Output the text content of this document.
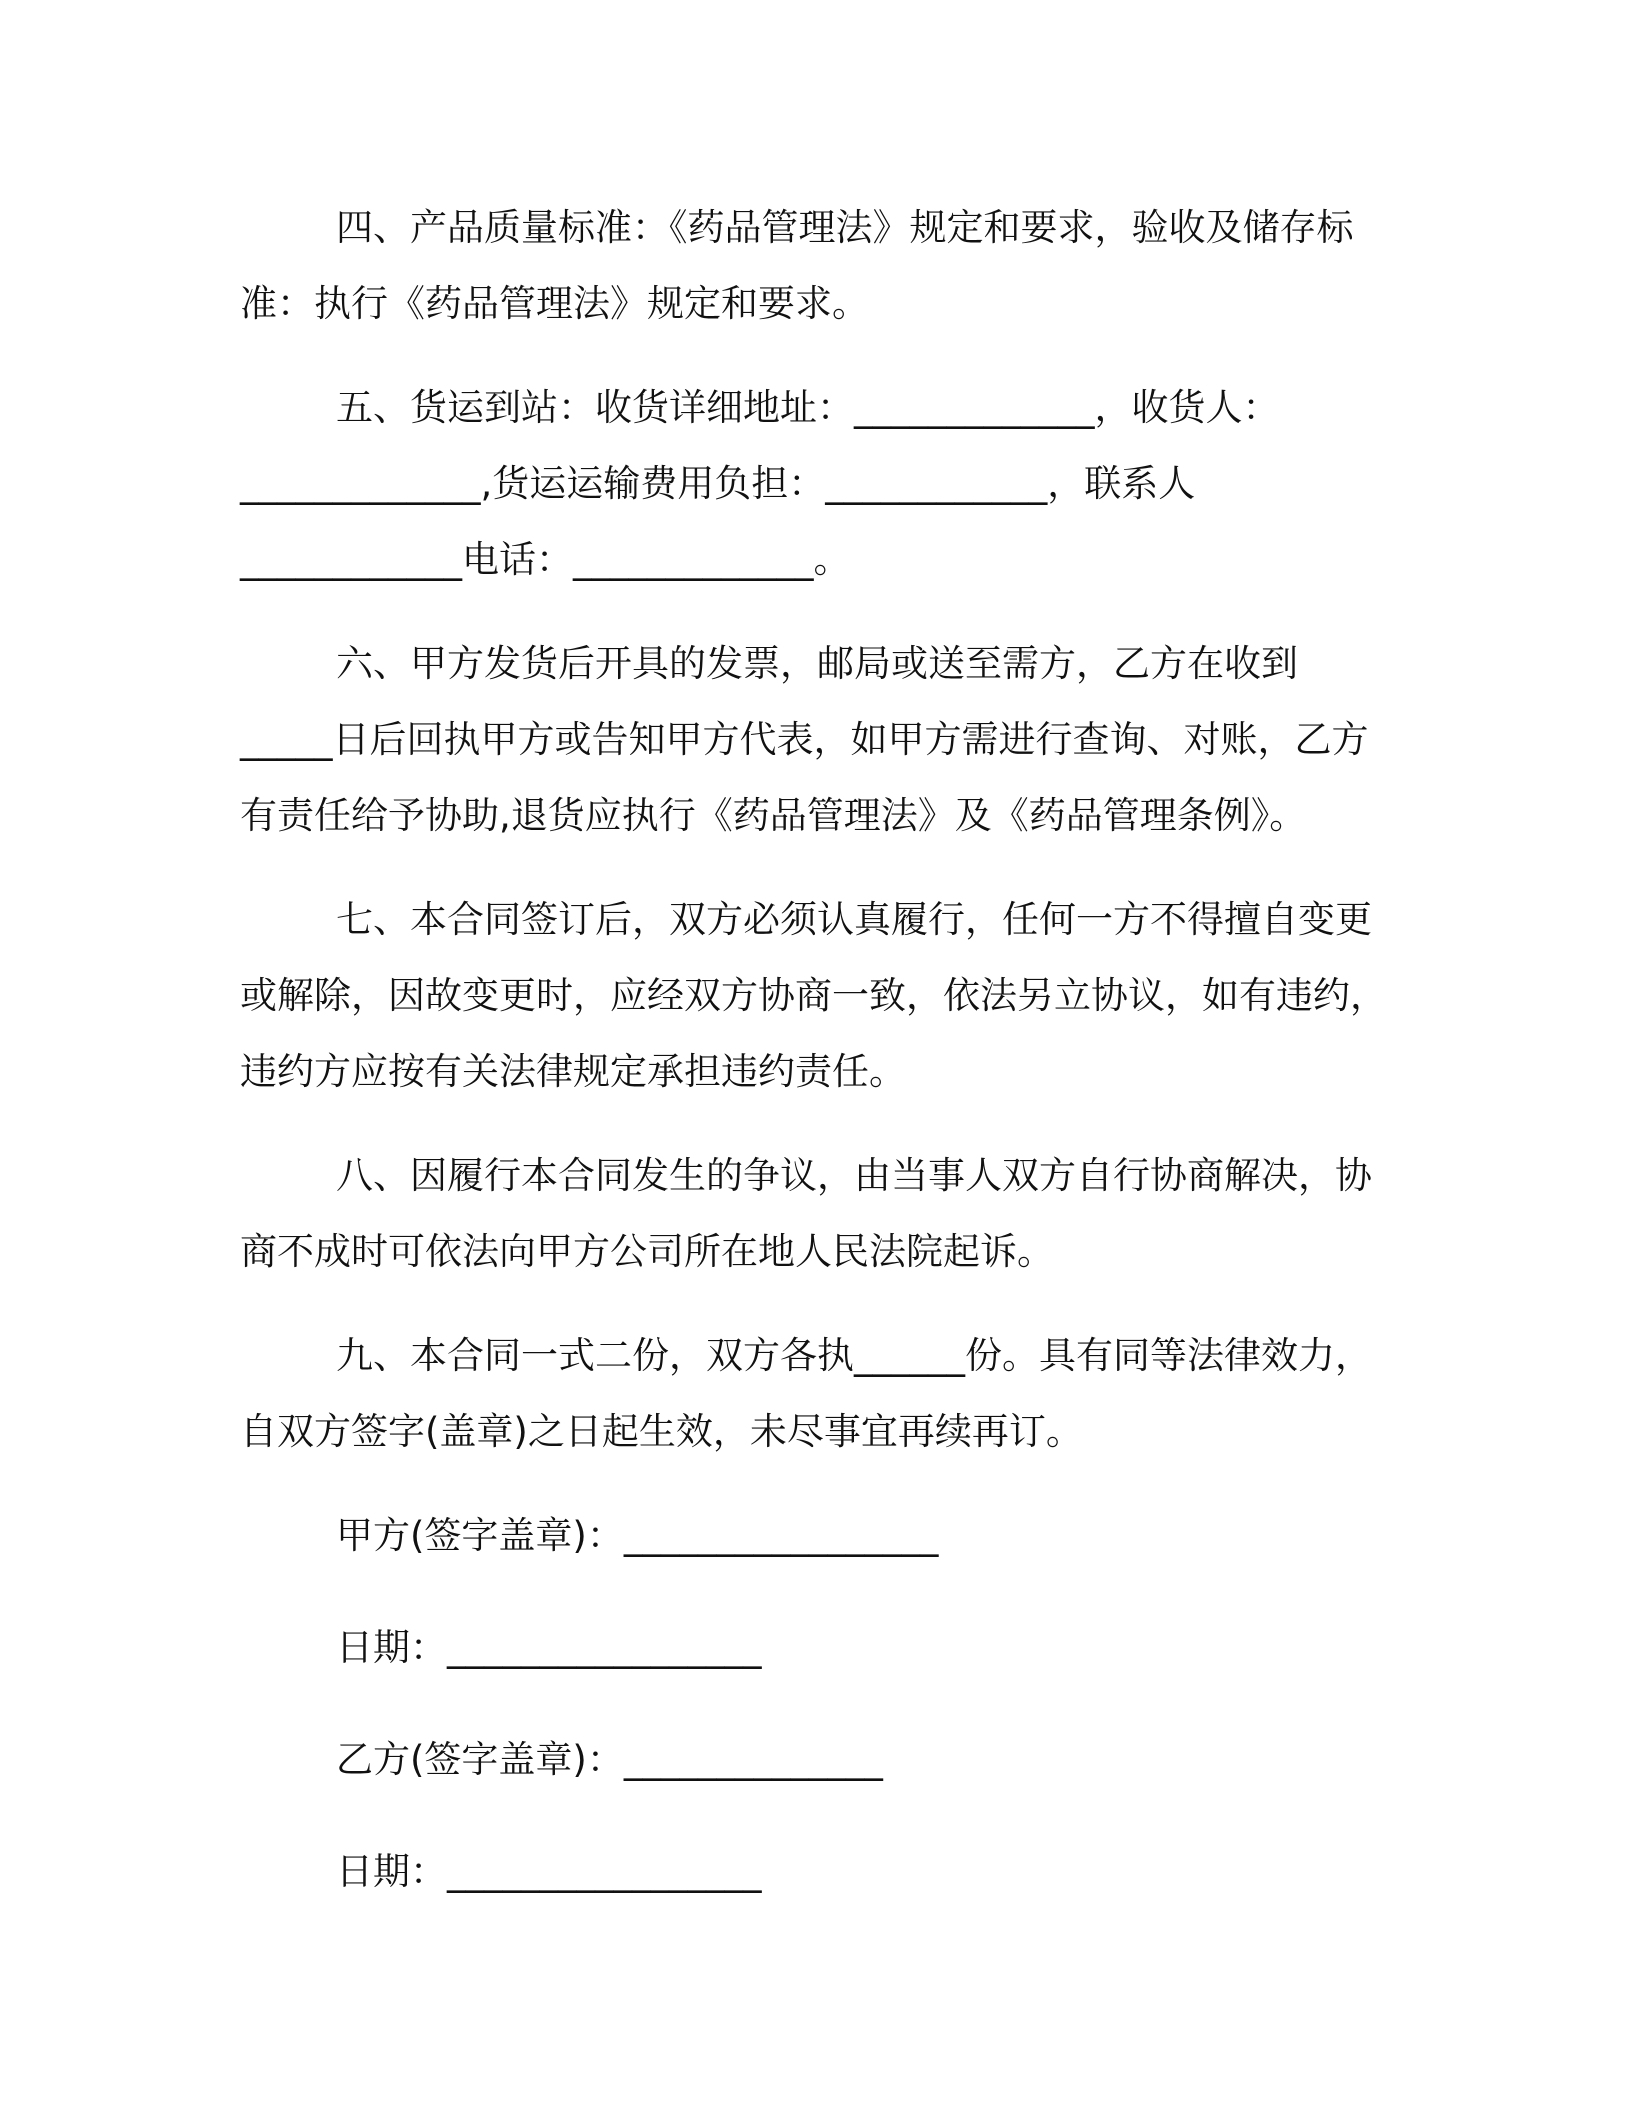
四、产品质量标准：《药品管理法》规定和要求，验收及储存标
准：执行《药品管理法》规定和要求。

五、货运到站：收货详细地址：_____________，收货人：
_____________,货运运输费用负担：____________，联系人
____________电话：_____________。

六、甲方发货后开具的发票，邮局或送至需方，乙方在收到
_____日后回执甲方或告知甲方代表，如甲方需进行查询、对账，乙方
有责任给予协助,退货应执行《药品管理法》及《药品管理条例》。

七、本合同签订后，双方必须认真履行，任何一方不得擅自变更
或解除，因故变更时，应经双方协商一致，依法另立协议，如有违约，
违约方应按有关法律规定承担违约责任。

八、因履行本合同发生的争议，由当事人双方自行协商解决，协
商不成时可依法向甲方公司所在地人民法院起诉。

九、本合同一式二份，双方各执______份。具有同等法律效力，
自双方签字(盖章)之日起生效，未尽事宜再续再订。

甲方(签字盖章)：_________________
日期：_________________
乙方(签字盖章)：______________
日期：_________________
